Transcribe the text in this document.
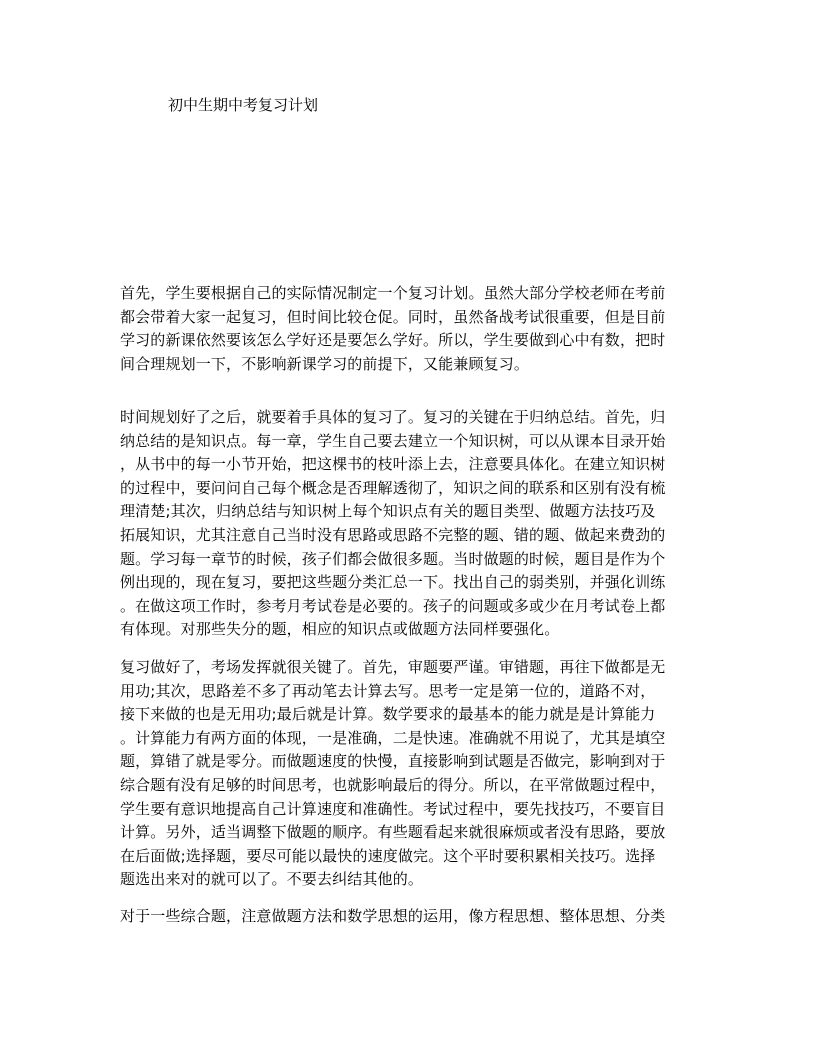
初中生期中考复习计划
首先，学生要根据自己的实际情况制定一个复习计划。虽然大部分学校老师在考前
都会带着大家一起复习，但时间比较仓促。同时，虽然备战考试很重要，但是目前
学习的新课依然要该怎么学好还是要怎么学好。所以，学生要做到心中有数，把时
间合理规划一下，不影响新课学习的前提下，又能兼顾复习。
时间规划好了之后，就要着手具体的复习了。复习的关键在于归纳总结。首先，归
纳总结的是知识点。每一章，学生自己要去建立一个知识树，可以从课本目录开始
，从书中的每一小节开始，把这棵书的枝叶添上去，注意要具体化。在建立知识树
的过程中，要问问自己每个概念是否理解透彻了，知识之间的联系和区别有没有梳
理清楚;其次，归纳总结与知识树上每个知识点有关的题目类型、做题方法技巧及
拓展知识，尤其注意自己当时没有思路或思路不完整的题、错的题、做起来费劲的
题。学习每一章节的时候，孩子们都会做很多题。当时做题的时候，题目是作为个
例出现的，现在复习，要把这些题分类汇总一下。找出自己的弱类别，并强化训练
。在做这项工作时，参考月考试卷是必要的。孩子的问题或多或少在月考试卷上都
有体现。对那些失分的题，相应的知识点或做题方法同样要强化。
复习做好了，考场发挥就很关键了。首先，审题要严谨。审错题，再往下做都是无
用功;其次，思路差不多了再动笔去计算去写。思考一定是第一位的，道路不对，
接下来做的也是无用功;最后就是计算。数学要求的最基本的能力就是是计算能力
。计算能力有两方面的体现，一是准确，二是快速。准确就不用说了，尤其是填空
题，算错了就是零分。而做题速度的快慢，直接影响到试题是否做完，影响到对于
综合题有没有足够的时间思考，也就影响最后的得分。所以，在平常做题过程中，
学生要有意识地提高自己计算速度和准确性。考试过程中，要先找技巧，不要盲目
计算。另外，适当调整下做题的顺序。有些题看起来就很麻烦或者没有思路，要放
在后面做;选择题，要尽可能以最快的速度做完。这个平时要积累相关技巧。选择
题选出来对的就可以了。不要去纠结其他的。
对于一些综合题，注意做题方法和数学思想的运用，像方程思想、整体思想、分类
